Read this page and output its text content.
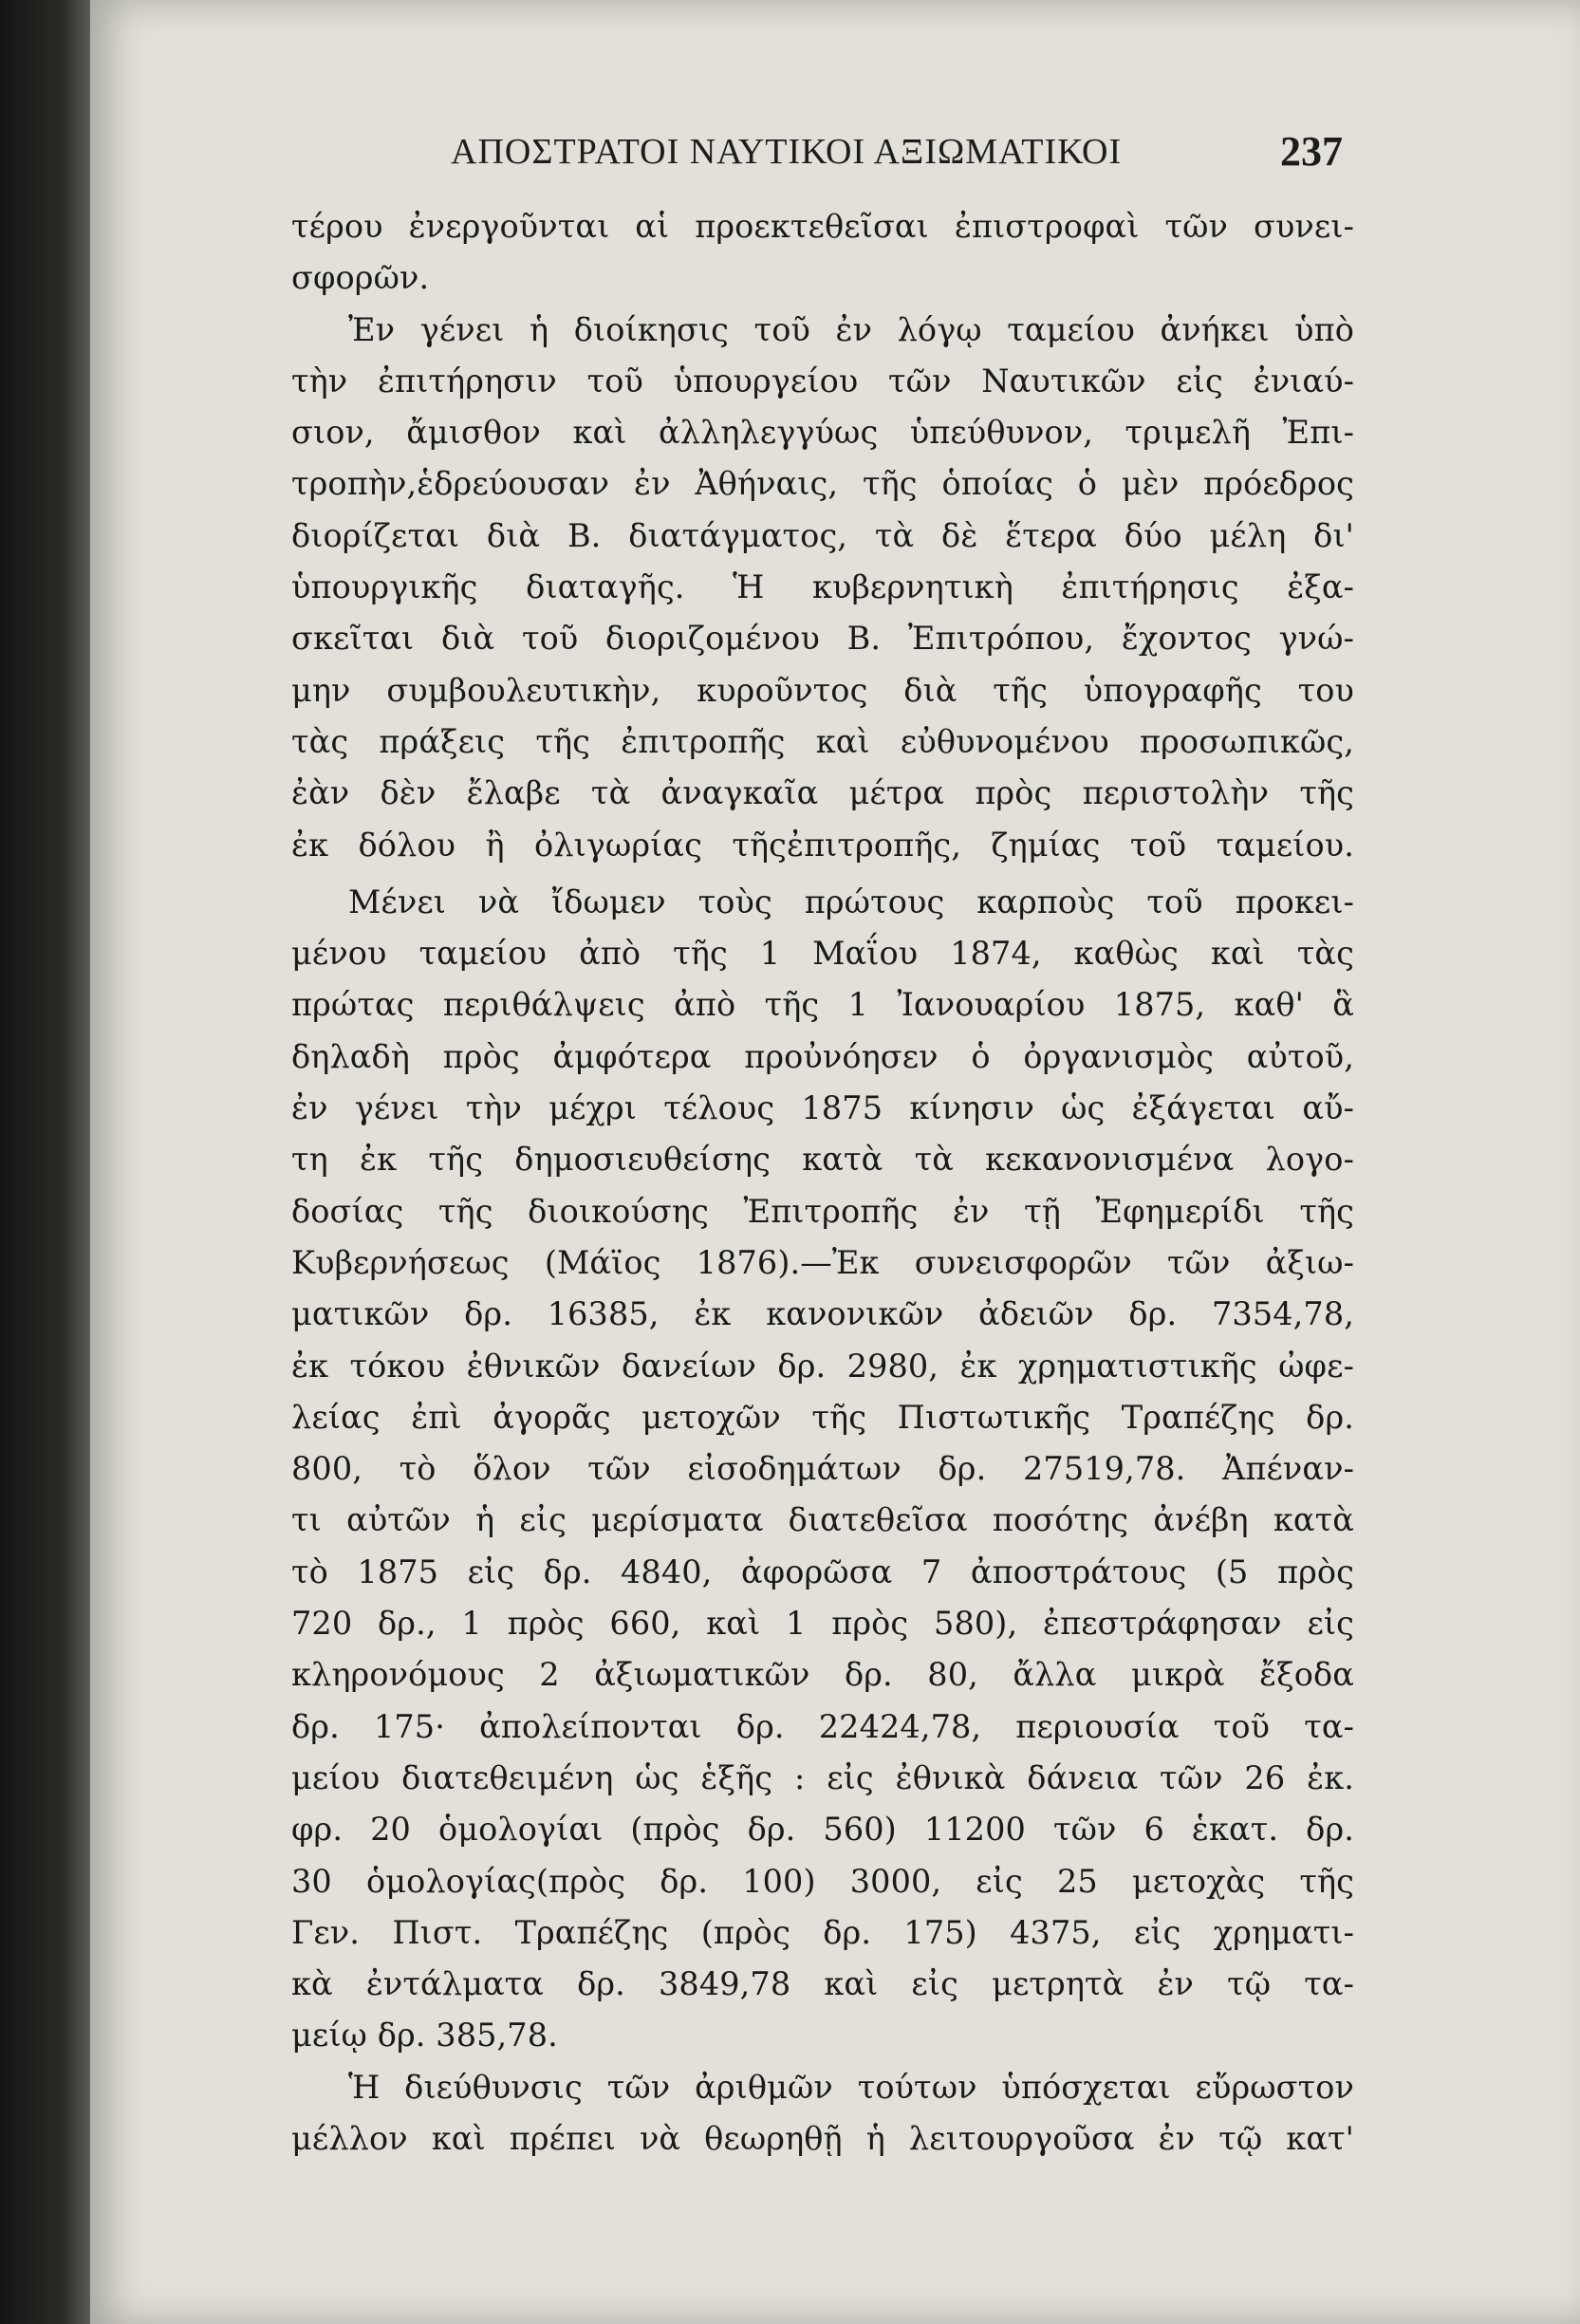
ΑΠΟΣΤΡΑΤΟΙ ΝΑΥΤΙΚΟΙ ΑΞΙΩΜΑΤΙΚΟΙ	237
τέρου ἐνεργοῦνται αἱ προεκτεθεῖσαι ἐπιστροφαὶ τῶν συνει-
σφορῶν.
Ἐν γένει ἡ διοίκησις τοῦ ἐν λόγῳ ταμείου ἀνήκει ὑπὸ
τὴν ἐπιτήρησιν τοῦ ὑπουργείου τῶν Ναυτικῶν εἰς ἐνιαύ-
σιον, ἄμισθον καὶ ἀλληλεγγύως ὑπεύθυνον, τριμελῆ Ἐπι-
τροπὴν,ἑδρεύουσαν ἐν Ἀθήναις, τῆς ὁποίας ὁ μὲν πρόεδρος
διορίζεται διὰ Β. διατάγματος, τὰ δὲ ἕτερα δύο μέλη δι'
ὑπουργικῆς διαταγῆς. Ἡ κυβερνητικὴ ἐπιτήρησις ἐξα-
σκεῖται διὰ τοῦ διοριζομένου Β. Ἐπιτρόπου, ἔχοντος γνώ-
μην συμβουλευτικὴν, κυροῦντος διὰ τῆς ὑπογραφῆς του
τὰς πράξεις τῆς ἐπιτροπῆς καὶ εὐθυνομένου προσωπικῶς,
ἐὰν δὲν ἔλαβε τὰ ἀναγκαῖα μέτρα πρὸς περιστολὴν τῆς
ἐκ δόλου ἢ ὀλιγωρίας τῆςἐπιτροπῆς, ζημίας τοῦ ταμείου.
Μένει νὰ ἴδωμεν τοὺς πρώτους καρποὺς τοῦ προκει-
μένου ταμείου ἀπὸ τῆς 1 Μαΐου 1874, καθὼς καὶ τὰς
πρώτας περιθάλψεις ἀπὸ τῆς 1 Ἰανουαρίου 1875, καθ' ἃ
δηλαδὴ πρὸς ἀμφότερα προὐνόησεν ὁ ὀργανισμὸς αὐτοῦ,
ἐν γένει τὴν μέχρι τέλους 1875 κίνησιν ὡς ἐξάγεται αὔ-
τη ἐκ τῆς δημοσιευθείσης κατὰ τὰ κεκανονισμένα λογο-
δοσίας τῆς διοικούσης Ἐπιτροπῆς ἐν τῇ Ἐφημερίδι τῆς
Κυβερνήσεως (Μάϊος 1876).—Ἐκ συνεισφορῶν τῶν ἀξιω-
ματικῶν δρ. 16385, ἐκ κανονικῶν ἀδειῶν δρ. 7354,78,
ἐκ τόκου ἐθνικῶν δανείων δρ. 2980, ἐκ χρηματιστικῆς ὠφε-
λείας ἐπὶ ἀγορᾶς μετοχῶν τῆς Πιστωτικῆς Τραπέζης δρ.
800, τὸ ὅλον τῶν εἰσοδημάτων δρ. 27519,78. Ἀπέναν-
τι αὐτῶν ἡ εἰς μερίσματα διατεθεῖσα ποσότης ἀνέβη κατὰ
τὸ 1875 εἰς δρ. 4840, ἀφορῶσα 7 ἀποστράτους (5 πρὸς
720 δρ., 1 πρὸς 660, καὶ 1 πρὸς 580), ἐπεστράφησαν εἰς
κληρονόμους 2 ἀξιωματικῶν δρ. 80, ἄλλα μικρὰ ἔξοδα
δρ. 175· ἀπολείπονται δρ. 22424,78, περιουσία τοῦ τα-
μείου διατεθειμένη ὡς ἑξῆς : εἰς ἐθνικὰ δάνεια τῶν 26 ἐκ.
φρ. 20 ὁμολογίαι (πρὸς δρ. 560) 11200 τῶν 6 ἑκατ. δρ.
30 ὁμολογίας(πρὸς δρ. 100) 3000, εἰς 25 μετοχὰς τῆς
Γεν. Πιστ. Τραπέζης (πρὸς δρ. 175) 4375, εἰς χρηματι-
κὰ ἐντάλματα δρ. 3849,78 καὶ εἰς μετρητὰ ἐν τῷ τα-
μείῳ δρ. 385,78.
Ἡ διεύθυνσις τῶν ἀριθμῶν τούτων ὑπόσχεται εὔρωστον
μέλλον καὶ πρέπει νὰ θεωρηθῇ ἡ λειτουργοῦσα ἐν τῷ κατ'
